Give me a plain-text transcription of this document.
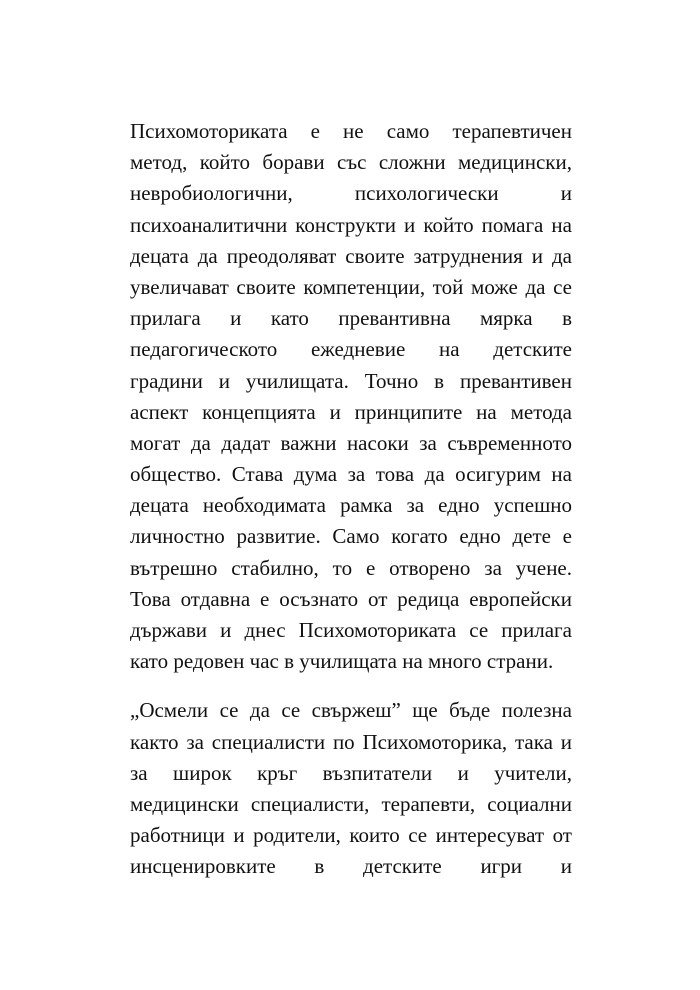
Психомоториката е не само терапевтичен
метод, който борави със сложни медицински,
невробиологични, психологически и
психоаналитични конструкти и който помага на
децата да преодоляват своите затруднения и да
увеличават своите компетенции, той може да се
прилага и като превантивна мярка в
педагогическото ежедневие на детските
градини и училищата. Точно в превантивен
аспект концепцията и принципите на метода
могат да дадат важни насоки за съвременното
общество. Става дума за това да осигурим на
децата необходимата рамка за едно успешно
личностно развитие. Само когато едно дете е
вътрешно стабилно, то е отворено за учене.
Това отдавна е осъзнато от редица европейски
държави и днес Психомоториката се прилага
като редовен час в училищата на много страни.
„Осмели се да се свържеш” ще бъде полезна
както за специалисти по Психомоторика, така и
за широк кръг възпитатели и учители,
медицински специалисти, терапевти, социални
работници и родители, които се интересуват от
инсценировките в детските игри и
